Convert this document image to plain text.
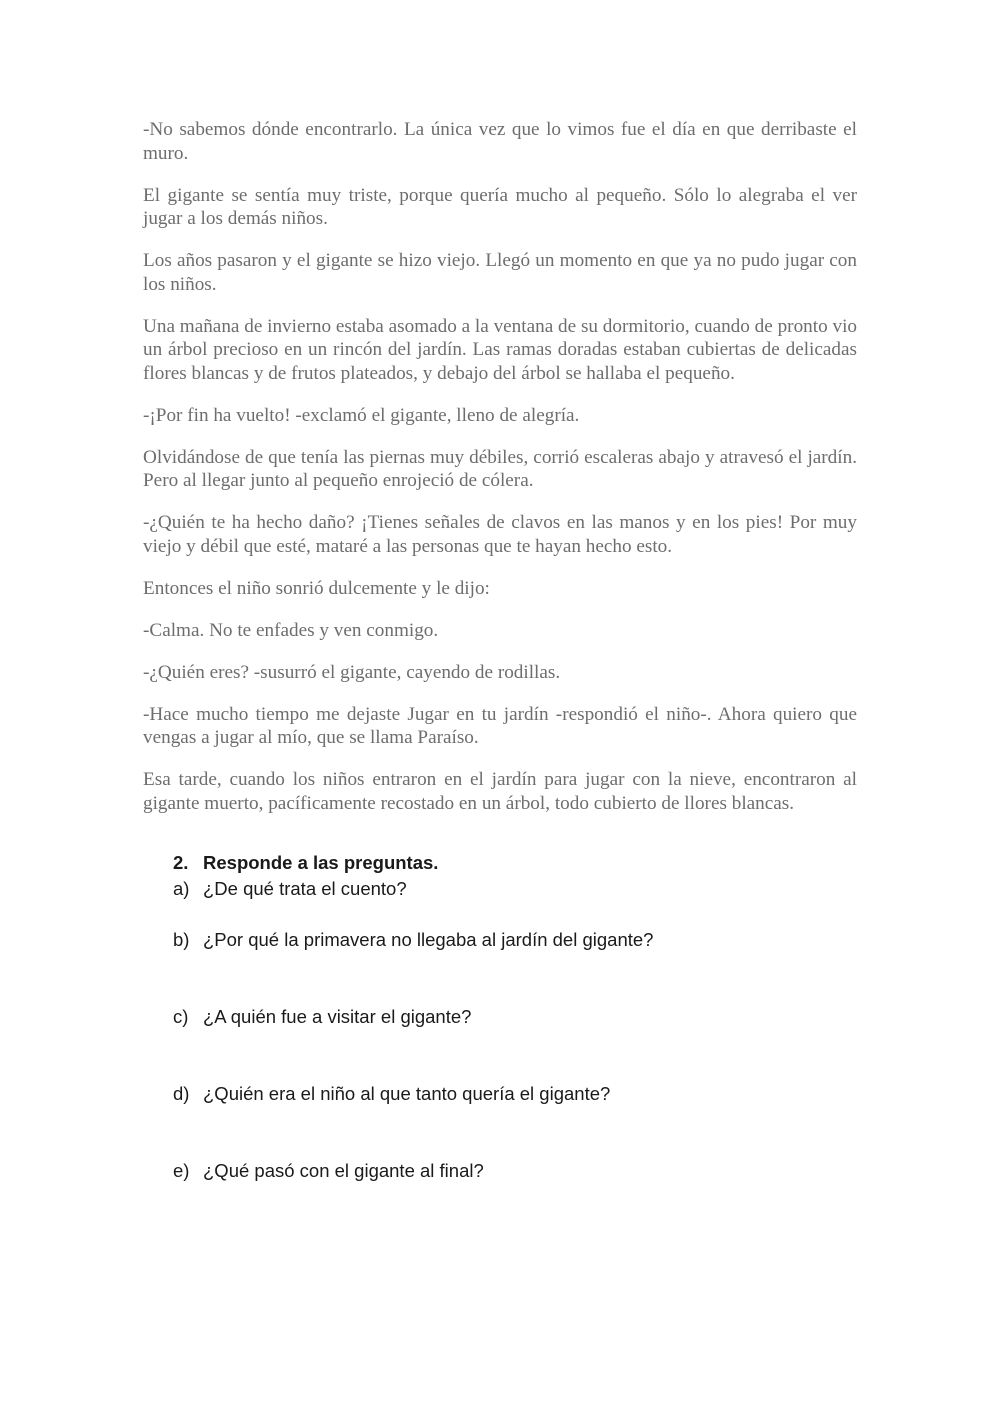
-No sabemos dónde encontrarlo. La única vez que lo vimos fue el día en que derribaste el muro.

El gigante se sentía muy triste, porque quería mucho al pequeño. Sólo lo alegraba el ver jugar a los demás niños.

Los años pasaron y el gigante se hizo viejo. Llegó un momento en que ya no pudo jugar con los niños.

Una mañana de invierno estaba asomado a la ventana de su dormitorio, cuando de pronto vio un árbol precioso en un rincón del jardín. Las ramas doradas estaban cubiertas de delicadas flores blancas y de frutos plateados, y debajo del árbol se hallaba el pequeño.

-¡Por fin ha vuelto! -exclamó el gigante, lleno de alegría.

Olvidándose de que tenía las piernas muy débiles, corrió escaleras abajo y atravesó el jardín. Pero al llegar junto al pequeño enrojeció de cólera.

-¿Quién te ha hecho daño? ¡Tienes señales de clavos en las manos y en los pies! Por muy viejo y débil que esté, mataré a las personas que te hayan hecho esto.

Entonces el niño sonrió dulcemente y le dijo:

-Calma. No te enfades y ven conmigo.

-¿Quién eres? -susurró el gigante, cayendo de rodillas.

-Hace mucho tiempo me dejaste Jugar en tu jardín -respondió el niño-. Ahora quiero que vengas a jugar al mío, que se llama Paraíso.

Esa tarde, cuando los niños entraron en el jardín para jugar con la nieve, encontraron al gigante muerto, pacíficamente recostado en un árbol, todo cubierto de llores blancas.

2. Responde a las preguntas.
a) ¿De qué trata el cuento?
b) ¿Por qué la primavera no llegaba al jardín del gigante?
c) ¿A quién fue a visitar el gigante?
d) ¿Quién era el niño al que tanto quería el gigante?
e) ¿Qué pasó con el gigante al final?
